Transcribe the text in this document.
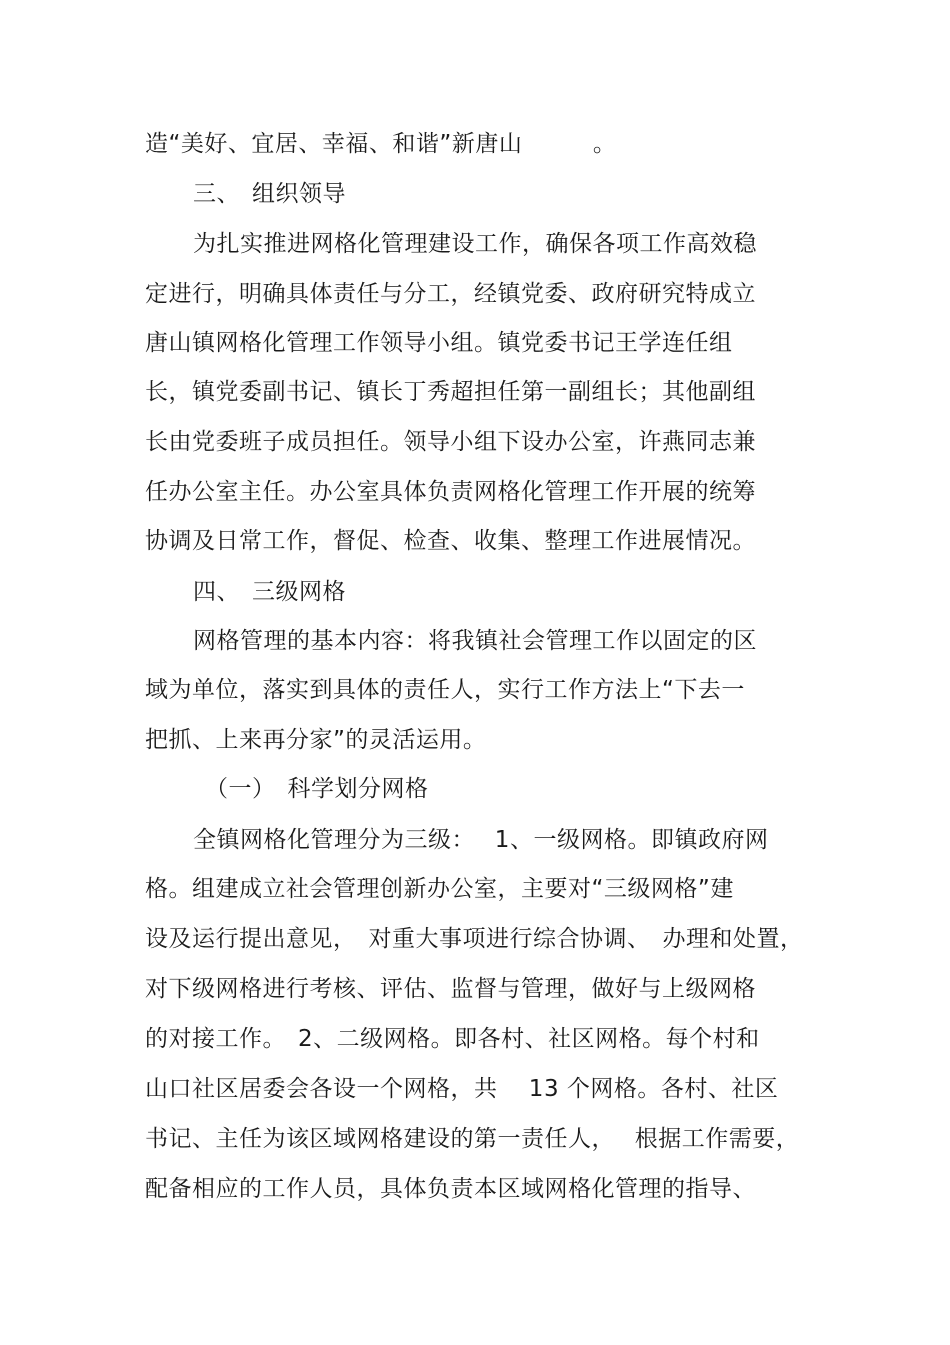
造“美好、宜居、幸福、和谐”新唐山　　　。
三、　组织领导
为扎实推进网格化管理建设工作，确保各项工作高效稳
定进行，明确具体责任与分工，经镇党委、政府研究特成立
唐山镇网格化管理工作领导小组。镇党委书记王学连任组
长，镇党委副书记、镇长丁秀超担任第一副组长；其他副组
长由党委班子成员担任。领导小组下设办公室，许燕同志兼
任办公室主任。办公室具体负责网格化管理工作开展的统筹
协调及日常工作，督促、检查、收集、整理工作进展情况。
四、　三级网格
网格管理的基本内容：将我镇社会管理工作以固定的区
域为单位，落实到具体的责任人，实行工作方法上“下去一
把抓、上来再分家”的灵活运用。
（一）　科学划分网格
全镇网格化管理分为三级：　 1、一级网格。即镇政府网
格。组建成立社会管理创新办公室，主要对“三级网格”建
设及运行提出意见，　对重大事项进行综合协调、　办理和处置，
对下级网格进行考核、评估、监督与管理，做好与上级网格
的对接工作。　2、二级网格。即各村、社区网格。每个村和
山口社区居委会各设一个网格，共　 13 个网格。各村、社区
书记、主任为该区域网格建设的第一责任人，　 根据工作需要，
配备相应的工作人员，具体负责本区域网格化管理的指导、
